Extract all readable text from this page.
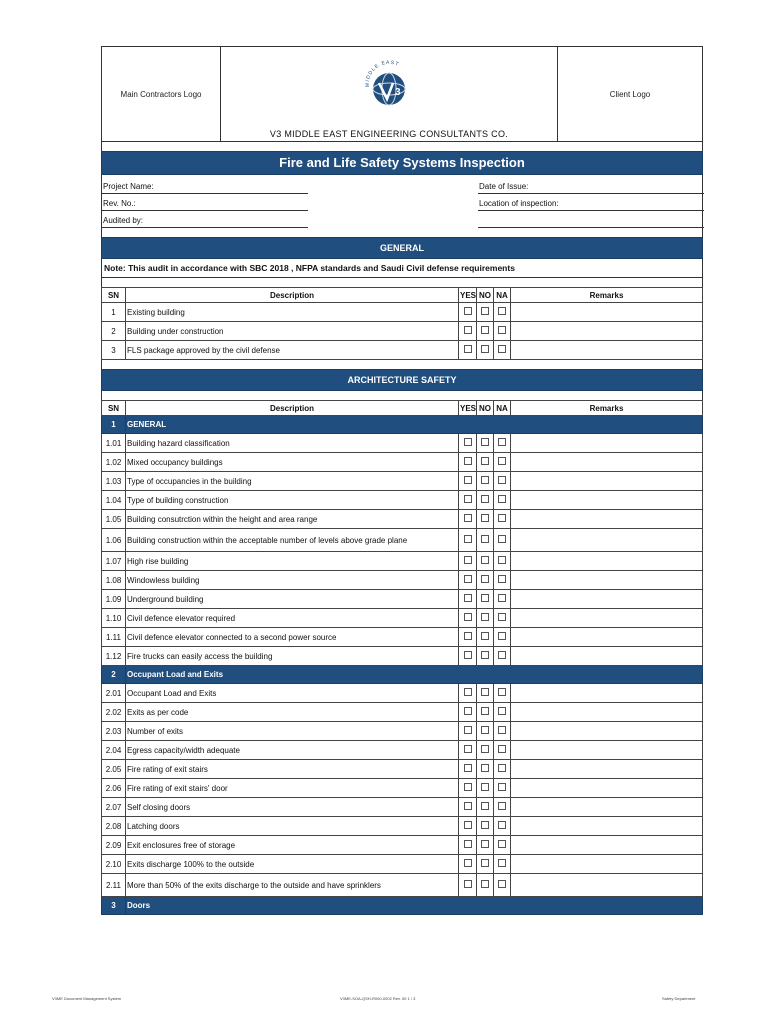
Main Contractors Logo	3
MIDDLE EAST
V3 MIDDLE EAST ENGINEERING CONSULTANTS CO.
Client Logo
Fire and Life Safety Systems Inspection
Project Name:
Rev. No.:
Audited by:
Date of Issue:
Location of inspection:
GENERAL
Note: This audit in accordance with SBC 2018 , NFPA standards and Saudi Civil defense requirements
SN	Description	YES	NO	NA	Remarks
1	Existing building				
2	Building under construction				
3	FLS package approved by the civil defense				
ARCHITECTURE SAFETY
SN	Description	YES	NO	NA	Remarks
1	GENERAL				
1.01	Building hazard classification				
1.02	Mixed occupancy buildings				
1.03	Type of occupancies in the building				
1.04	Type of building construction				
1.05	Building consutrction within the height and area range				
1.06	Building construction within the acceptable number of levels above grade plane				
1.07	High rise building				
1.08	Windowless building				
1.09	Underground building				
1.10	Civil defence elevator required				
1.11	Civil defence elevator connected to a second power source				
1.12	Fire trucks can easily access the building				
2	Occupant Load and Exits				
2.01	Occupant Load and Exits				
2.02	Exits as per code				
2.03	Number of exits				
2.04	Egress capacity/width adequate				
2.05	Fire rating of exit stairs				
2.06	Fire rating of exit stairs' door				
2.07	Self closing doors				
2.08	Latching doors				
2.09	Exit enclosures free of storage				
2.10	Exits discharge 100% to the outside				
2.11	More than 50% of the exits discharge to the outside and have sprinklers				
3	Doors				
V3ME Document Management System	V3ME-SOA-QSH-R000-0002 Rev. 00 1 / 3	Safety Department
